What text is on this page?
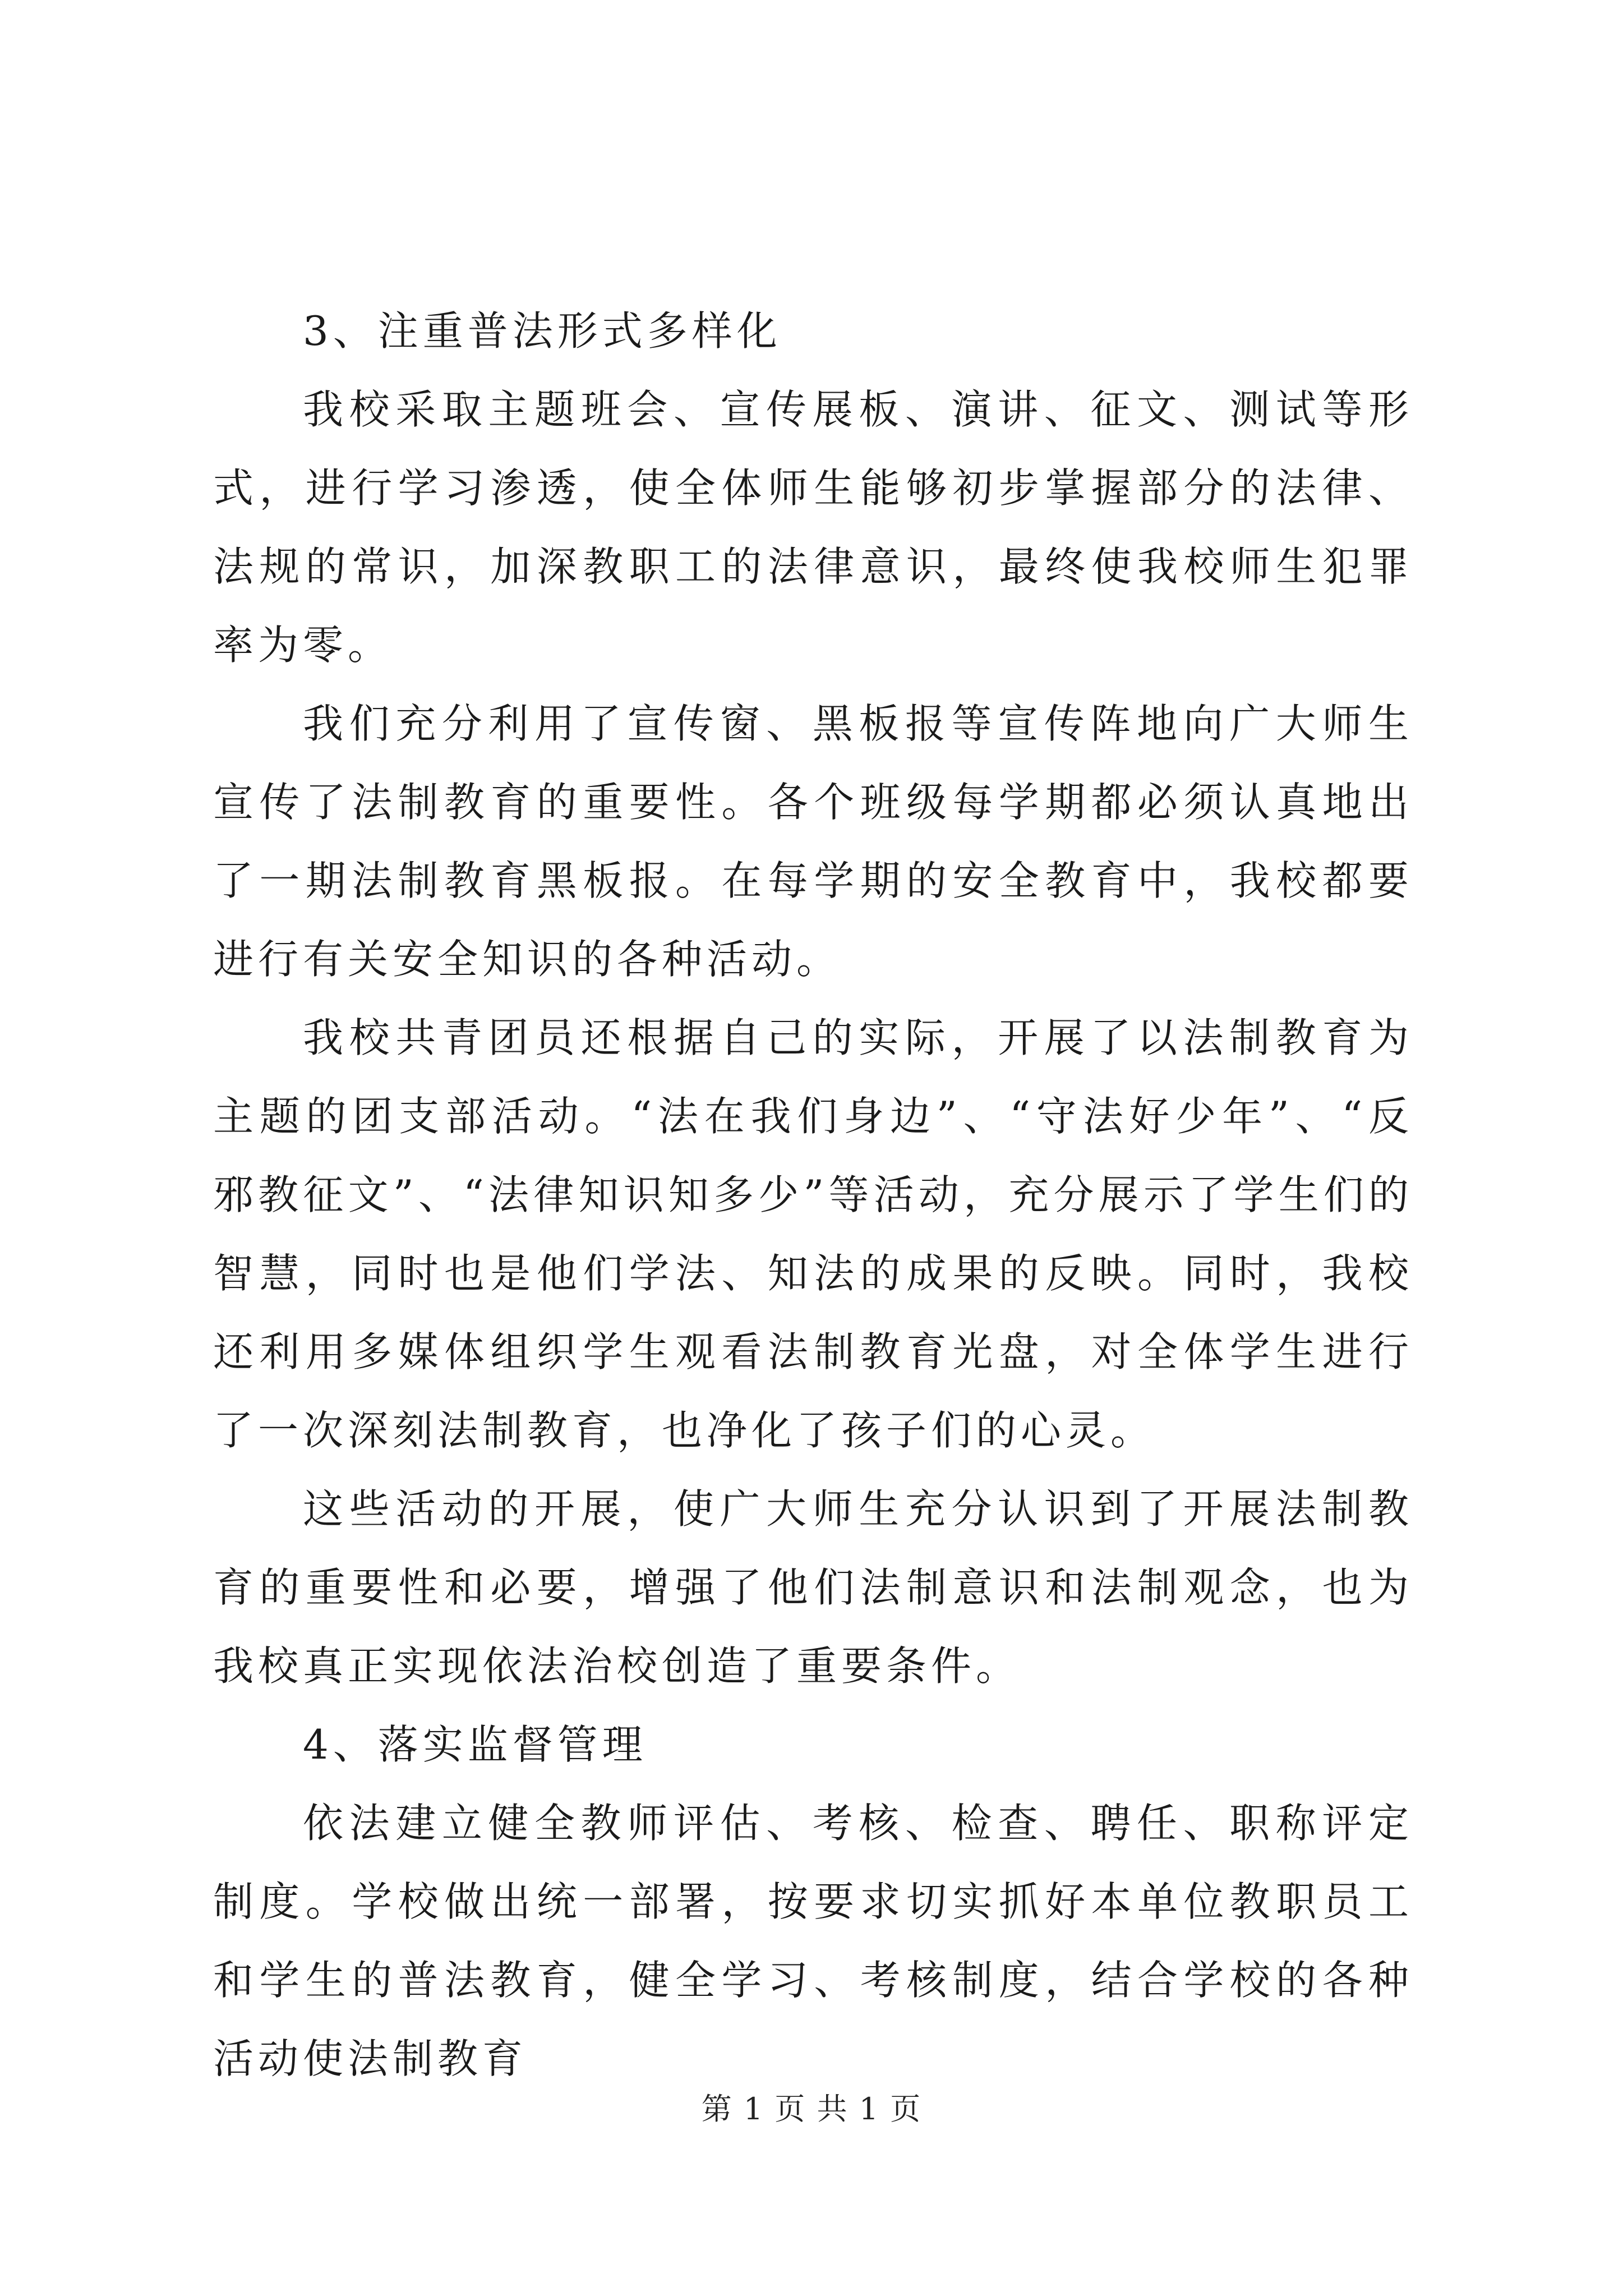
3、注重普法形式多样化

我校采取主题班会、宣传展板、演讲、征文、测试等形式，进行学习渗透，使全体师生能够初步掌握部分的法律、法规的常识，加深教职工的法律意识，最终使我校师生犯罪率为零。

我们充分利用了宣传窗、黑板报等宣传阵地向广大师生宣传了法制教育的重要性。各个班级每学期都必须认真地出了一期法制教育黑板报。在每学期的安全教育中，我校都要进行有关安全知识的各种活动。

我校共青团员还根据自己的实际，开展了以法制教育为主题的团支部活动。“法在我们身边”、“守法好少年”、“反邪教征文”、“法律知识知多少”等活动，充分展示了学生们的智慧，同时也是他们学法、知法的成果的反映。同时，我校还利用多媒体组织学生观看法制教育光盘，对全体学生进行了一次深刻法制教育，也净化了孩子们的心灵。

这些活动的开展，使广大师生充分认识到了开展法制教育的重要性和必要，增强了他们法制意识和法制观念，也为我校真正实现依法治校创造了重要条件。

4、落实监督管理

依法建立健全教师评估、考核、检查、聘任、职称评定制度。学校做出统一部署，按要求切实抓好本单位教职员工和学生的普法教育，健全学习、考核制度，结合学校的各种活动使法制教育

第 1 页 共 1 页
